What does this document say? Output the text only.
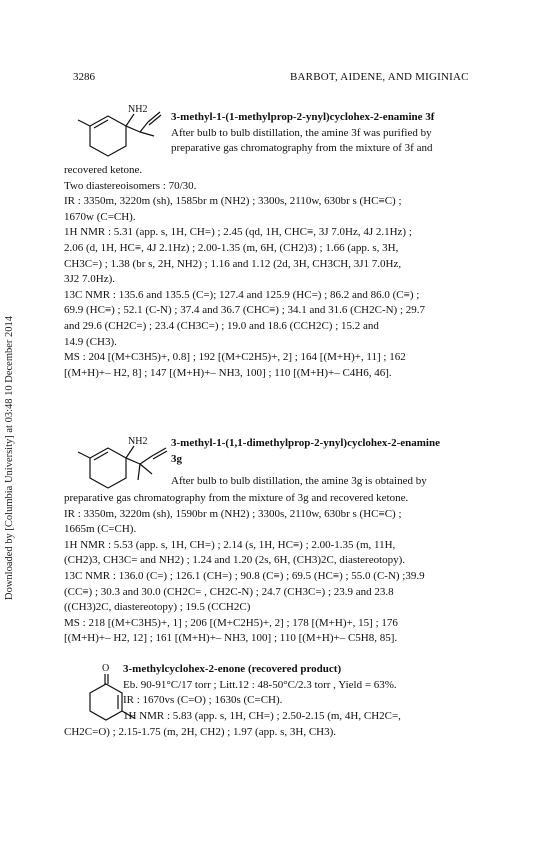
Downloaded by [Columbia University] at 03:48 10 December 2014
3286	BARBOT, AIDENE, AND MIGINIAC
NH2
3-methyl-1-(1-methylprop-2-ynyl)cyclohex-2-enamine 3f
After bulb to bulb distillation, the amine 3f was purified by
preparative gas chromatography from the mixture of 3f and
recovered ketone.
Two diastereoisomers : 70/30.
IR : 3350m, 3220m (sh), 1585br m (NH2) ; 3300s, 2110w, 630br s (HC≡C) ;
1670w (C=CH).
1H NMR : 5.31 (app. s, 1H, CH=) ; 2.45 (qd, 1H, CHC≡, 3J 7.0Hz, 4J 2.1Hz) ;
2.06 (d, 1H, HC≡, 4J 2.1Hz) ; 2.00-1.35 (m, 6H, (CH2)3) ; 1.66 (app. s, 3H,
CH3C=) ; 1.38 (br s, 2H, NH2) ; 1.16 and 1.12 (2d, 3H, CH3CH, 3J1 7.0Hz,
3J2 7.0Hz).
13C NMR : 135.6 and 135.5 (C=); 127.4 and 125.9 (HC=) ; 86.2 and 86.0 (C≡) ;
69.9 (HC≡) ; 52.1 (C-N) ; 37.4 and 36.7 (CHC≡) ; 34.1 and 31.6 (CH2C-N) ; 29.7
and 29.6 (CH2C=) ; 23.4 (CH3C=) ; 19.0 and 18.6 (CCH2C) ; 15.2 and
14.9 (CH3).
MS : 204 [(M+C3H5)+, 0.8] ; 192 [(M+C2H5)+, 2] ; 164 [(M+H)+, 11] ; 162
[(M+H)+– H2, 8] ; 147 [(M+H)+– NH3, 100] ; 110 [(M+H)+– C4H6, 46].
NH2 3-methyl-1-(1,1-dimethylprop-2-ynyl)cyclohex-2-enamine
3g
After bulb to bulb distillation, the amine 3g is obtained by
preparative gas chromatography from the mixture of 3g and recovered ketone.
IR : 3350m, 3220m (sh), 1590br m (NH2) ; 3300s, 2110w, 630br s (HC≡C) ;
1665m (C=CH).
1H NMR : 5.53 (app. s, 1H, CH=) ; 2.14 (s, 1H, HC≡) ; 2.00-1.35 (m, 11H,
(CH2)3, CH3C= and NH2) ; 1.24 and 1.20 (2s, 6H, (CH3)2C, diastereotopy).
13C NMR : 136.0 (C=) ; 126.1 (CH=) ; 90.8 (C≡) ; 69.5 (HC≡) ; 55.0 (C-N) ;39.9
(CC≡) ; 30.3 and 30.0 (CH2C= , CH2C-N) ; 24.7 (CH3C=) ; 23.9 and 23.8
((CH3)2C, diastereotopy) ; 19.5 (CCH2C)
MS : 218 [(M+C3H5)+, 1] ; 206 [(M+C2H5)+, 2] ; 178 [(M+H)+, 15] ; 176
[(M+H)+– H2, 12] ; 161 [(M+H)+– NH3, 100] ; 110 [(M+H)+– C5H8, 85].
O 3-methylcyclohex-2-enone (recovered product)
Eb. 90-91°C/17 torr ; Litt.12 : 48-50°C/2.3 torr , Yield = 63%.
IR : 1670vs (C=O) ; 1630s (C=CH).
1H NMR : 5.83 (app. s, 1H, CH=) ; 2.50-2.15 (m, 4H, CH2C=,
CH2C=O) ; 2.15-1.75 (m, 2H, CH2) ; 1.97 (app. s, 3H, CH3).
